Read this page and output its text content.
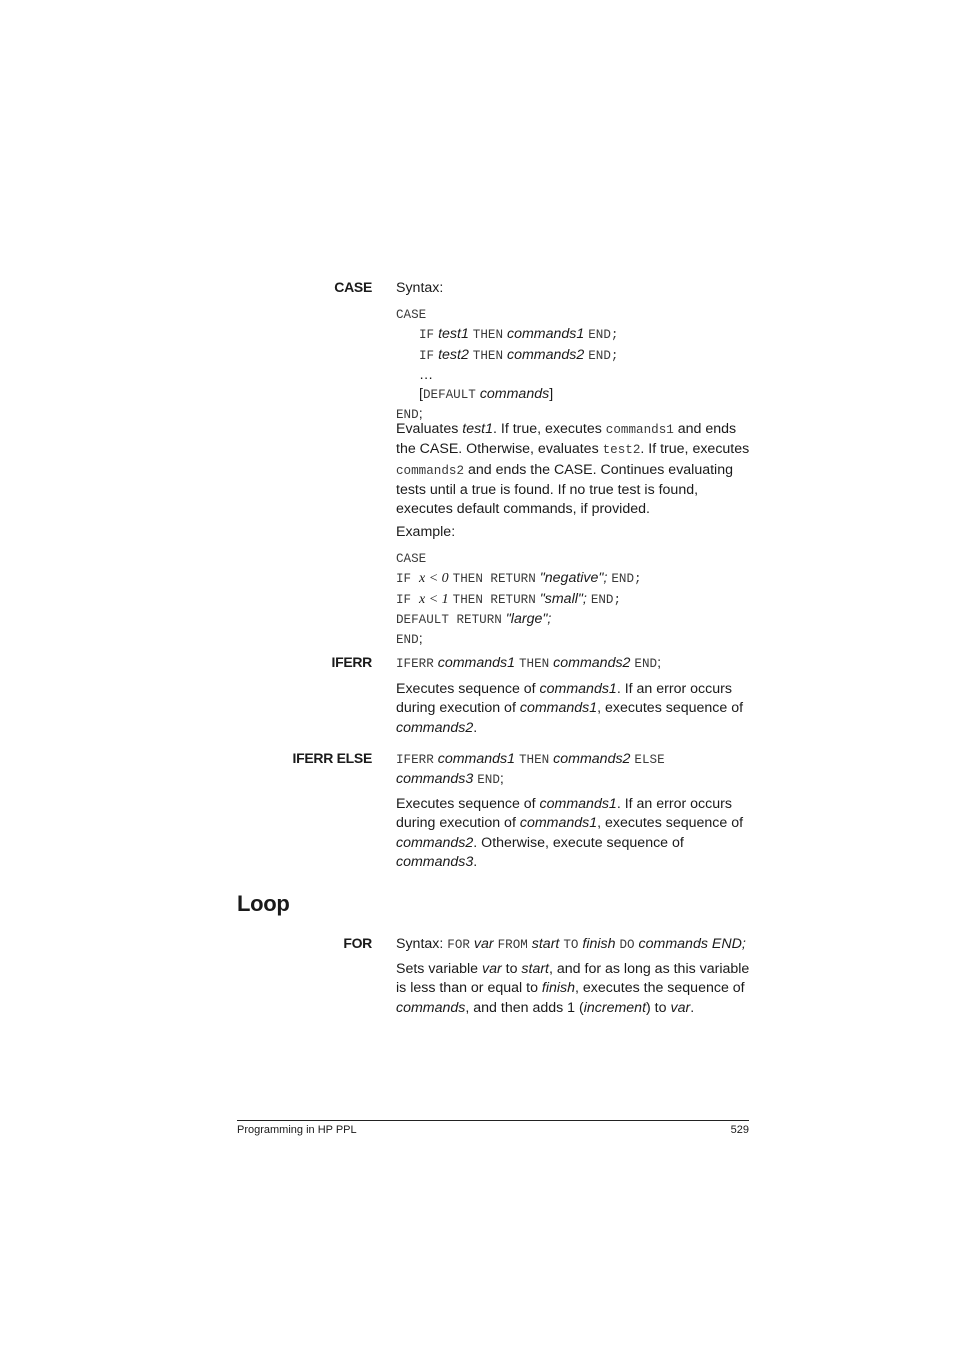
CASE Syntax:
CASE
IF test1 THEN commands1 END;
IF test2 THEN commands2 END;
…
[DEFAULT commands]
END;

Evaluates test1. If true, executes commands1 and ends the CASE. Otherwise, evaluates test2. If true, executes commands2 and ends the CASE. Continues evaluating tests until a true is found. If no true test is found, executes default commands, if provided.

Example:
CASE
IF x < 0 THEN RETURN "negative"; END;
IF x < 1 THEN RETURN "small"; END;
DEFAULT RETURN "large";
END;
IFERR IFERR commands1 THEN commands2 END;

Executes sequence of commands1. If an error occurs during execution of commands1, executes sequence of commands2.

IFERR ELSE IFERR commands1 THEN commands2 ELSE
commands3 END;

Executes sequence of commands1. If an error occurs during execution of commands1, executes sequence of commands2. Otherwise, execute sequence of commands3.

Loop
FOR Syntax: FOR var FROM start TO finish DO commands END;

Sets variable var to start, and for as long as this variable is less than or equal to finish, executes the sequence of commands, and then adds 1 (increment) to var.

Programming in HP PPL	529
